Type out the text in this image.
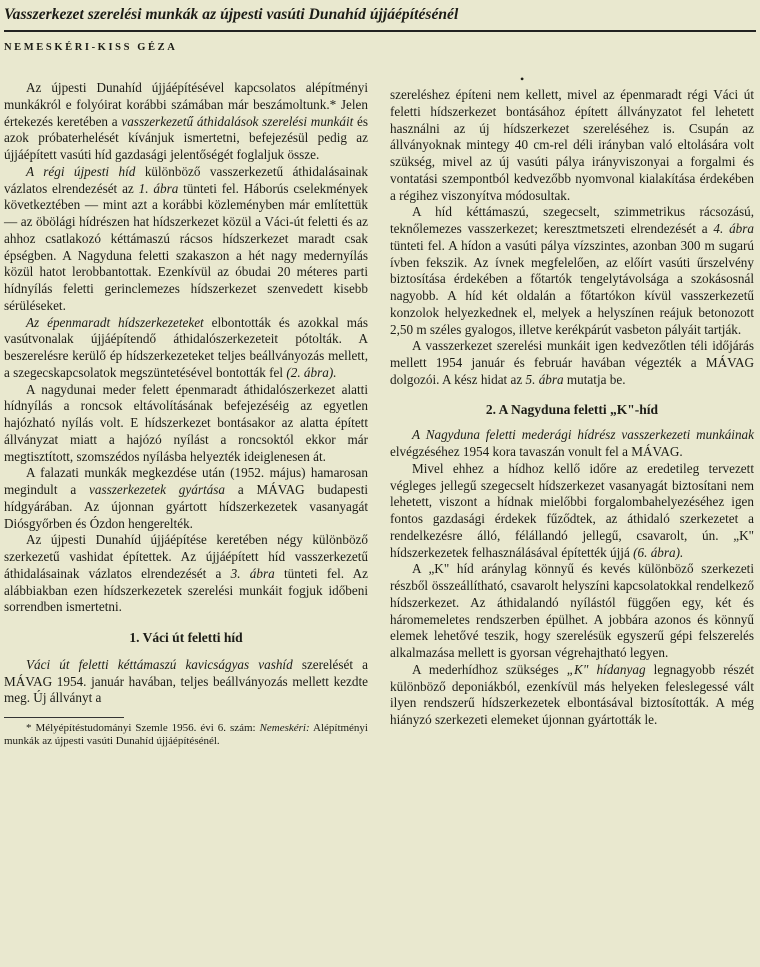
Vasszerkezet szerelési munkák az újpesti vasúti Dunahíd újjáépítésénél
NEMESKÉRI-KISS GÉZA
•

Az újpesti Dunahíd újjáépítésével kapcsolatos alépítményi munkákról e folyóirat korábbi számában már beszámoltunk.* Jelen értekezés keretében a vasszerkezetű áthidalások szerelési munkáit és azok próbaterhelését kívánjuk ismertetni, befejezésül pedig az újjáépített vasúti híd gazdasági jelentőségét foglaljuk össze.

A régi újpesti híd különböző vasszerkezetű áthidalásainak vázlatos elrendezését az 1. ábra tünteti fel. Háborús cselekmények következtében — mint azt a korábbi közleményben már említettük — az öbölági hídrészen hat hídszerkezet közül a Váci-út feletti és az ahhoz csatlakozó kéttámaszú rácsos hídszerkezet maradt csak épségben. A Nagyduna feletti szakaszon a hét nagy medernyílás közül hatot lerobbantottak. Ezenkívül az óbudai 20 méteres parti hídnyílás feletti gerinclemezes hídszerkezet szenvedett kisebb sérüléseket.

Az épenmaradt hídszerkezeteket elbontották és azokkal más vasútvonalak újjáépítendő áthidalószerkezeteit pótolták. A beszerelésre kerülő ép hídszerkezeteket teljes beállványozás mellett, a szegecskapcsolatok megszüntetésével bontották fel (2. ábra).

A nagydunai meder felett épenmaradt áthidalószerkezet alatti hídnyílás a roncsok eltávolításának befejezéséig az egyetlen hajózható nyílás volt. E hídszerkezet bontásakor az alatta épített állványzat miatt a hajózó nyílást a roncsoktól ekkor már megtisztított, szomszédos nyílásba helyezték ideiglenesen át.

A falazati munkák megkezdése után (1952. május) hamarosan megindult a vasszerkezetek gyártása a MÁVAG budapesti hídgyárában. Az újonnan gyártott hídszerkezetek vasanyagát Diósgyőrben és Ózdon hengerelték.

Az újpesti Dunahíd újjáépítése keretében négy különböző szerkezetű vashidat építettek. Az újjáépített híd vasszerkezetű áthidalásainak vázlatos elrendezését a 3. ábra tünteti fel. Az alábbiakban ezen hídszerkezetek szerelési munkáit fogjuk időbeni sorrendben ismertetni.

1. Váci út feletti híd

Váci út feletti kéttámaszú kavicságyas vashíd szerelését a MÁVAG 1954. január havában, teljes beállványozás mellett kezdte meg. Új állványt a

* Mélyépítéstudományi Szemle 1956. évi 6. szám: Nemeskéri: Alépítményi munkák az újpesti vasúti Dunahíd újjáépítésénél.

szereléshez építeni nem kellett, mivel az épenmaradt régi Váci út feletti hídszerkezet bontásához épített állványzatot fel lehetett használni az új hídszerkezet szereléséhez is. Csupán az állványoknak mintegy 40 cm-rel déli irányban való eltolására volt szükség, mivel az új vasúti pálya irányviszonyai a forgalmi és vontatási szempontból kedvezőbb nyomvonal kialakítása érdekében a régihez viszonyítva módosultak.

A híd kéttámaszú, szegecselt, szimmetrikus rácsozású, teknőlemezes vasszerkezet; keresztmetszeti elrendezését a 4. ábra tünteti fel. A hídon a vasúti pálya vízszintes, azonban 300 m sugarú ívben fekszik. Az ívnek megfelelően, az előírt vasúti űrszelvény biztosítása érdekében a főtartók tengelytávolsága a szokásosnál nagyobb. A híd két oldalán a főtartókon kívül vasszerkezetű konzolok helyezkednek el, melyek a helyszínen reájuk betonozott 2,50 m széles gyalogos, illetve kerékpárút vasbeton pályáit tartják.

A vasszerkezet szerelési munkáit igen kedvezőtlen téli időjárás mellett 1954 január és február havában végezték a MÁVAG dolgozói. A kész hidat az 5. ábra mutatja be.

2. A Nagyduna feletti „K"-híd

A Nagyduna feletti mederági hídrész vasszerkezeti munkáinak elvégzéséhez 1954 kora tavaszán vonult fel a MÁVAG.

Mivel ehhez a hídhoz kellő időre az eredetileg tervezett végleges jellegű szegecselt hídszerkezet vasanyagát biztosítani nem lehetett, viszont a hídnak mielőbbi forgalombahelyezéséhez igen fontos gazdasági érdekek fűződtek, az áthidaló szerkezetet a rendelkezésre álló, félállandó jellegű, csavarolt, ún. „K" hídszerkezetek felhasználásával építették újjá (6. ábra).

A „K" híd aránylag könnyű és kevés különböző szerkezeti részből összeállítható, csavarolt helyszíni kapcsolatokkal rendelkező hídszerkezet. Az áthidalandó nyílástól függően egy, két és háromemeletes rendszerben épülhet. A jobbára azonos és könnyű elemek lehetővé teszik, hogy szerelésük egyszerű gépi felszerelés alkalmazása mellett is gyorsan végrehajtható legyen.

A mederhídhoz szükséges „K" hídanyag legnagyobb részét különböző deponiákból, ezenkívül más helyeken feleslegessé vált ilyen rendszerű hídszerkezetek elbontásával biztosították. A még hiányzó szerkezeti elemeket újonnan gyártották le.
